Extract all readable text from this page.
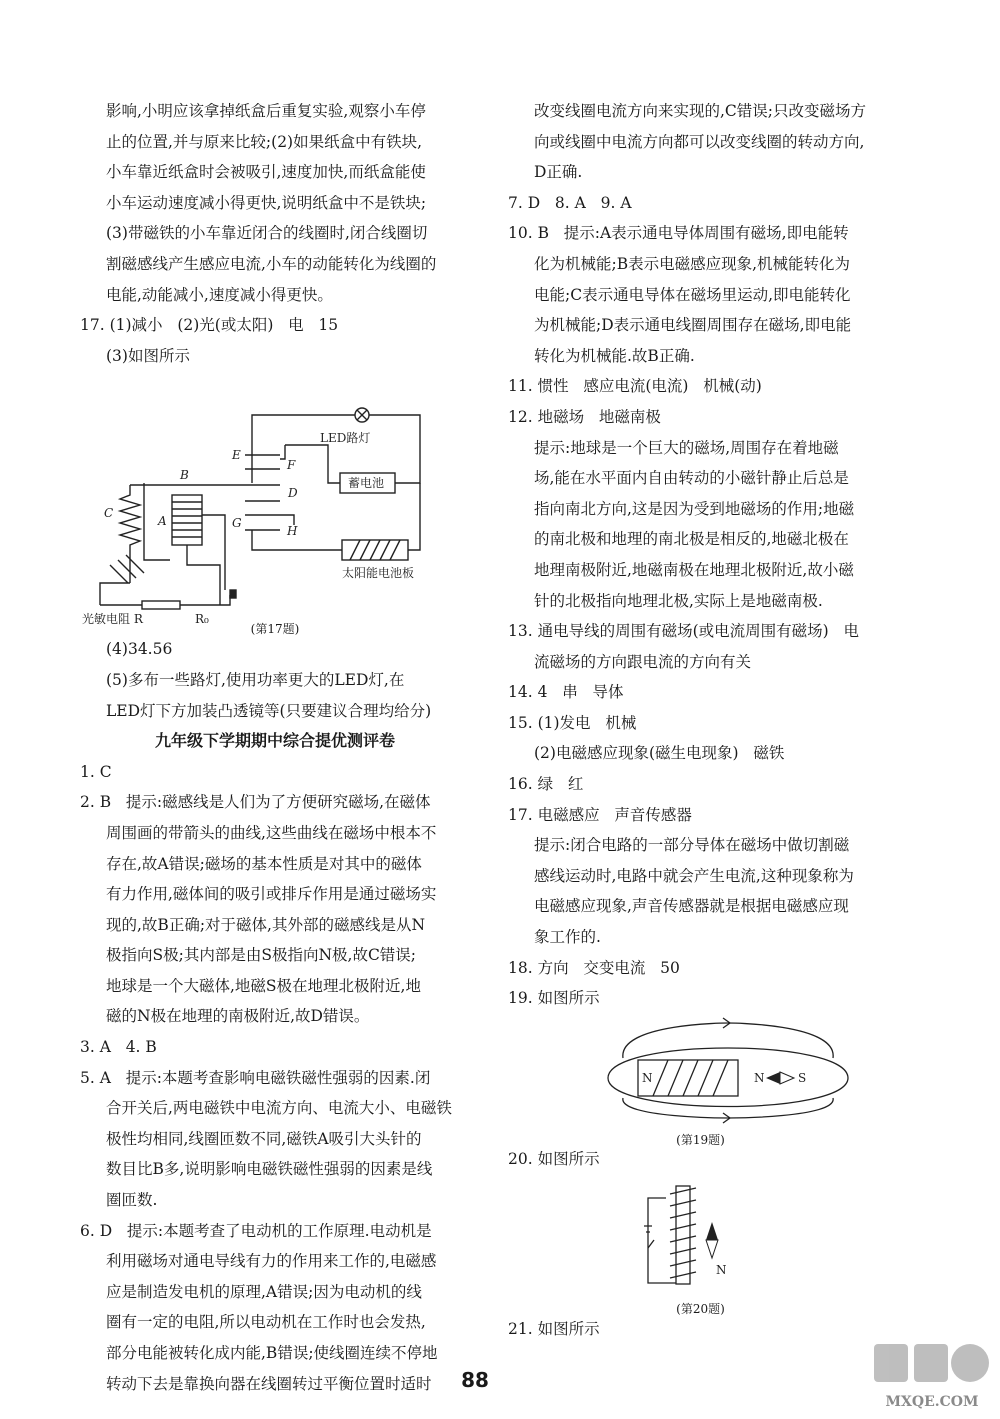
影响,小明应该拿掉纸盒后重复实验,观察小车停

止的位置,并与原来比较;(2)如果纸盒中有铁块,

小车靠近纸盒时会被吸引,速度加快,而纸盒能使

小车运动速度减小得更快,说明纸盒中不是铁块;

(3)带磁铁的小车靠近闭合的线圈时,闭合线圈切

割磁感线产生感应电流,小车的动能转化为线圈的

电能,动能减小,速度减小得更快。

17. (1)减小   (2)光(或太阳)   电   15

(3)如图所示

LED路灯
蓄电池
太阳能电池板
光敏电阻 R	R₀
B
C
A
E
F
D
G
H
(第17题)

(4)34.56

(5)多布一些路灯,使用功率更大的LED灯,在

LED灯下方加装凸透镜等(只要建议合理均给分)

九年级下学期期中综合提优测评卷

1. C

2. B   提示:磁感线是人们为了方便研究磁场,在磁体

周围画的带箭头的曲线,这些曲线在磁场中根本不

存在,故A错误;磁场的基本性质是对其中的磁体

有力作用,磁体间的吸引或排斥作用是通过磁场实

现的,故B正确;对于磁体,其外部的磁感线是从N

极指向S极;其内部是由S极指向N极,故C错误;

地球是一个大磁体,地磁S极在地理北极附近,地

磁的N极在地理的南极附近,故D错误。

3. A   4. B

5. A   提示:本题考查影响电磁铁磁性强弱的因素.闭

合开关后,两电磁铁中电流方向、电流大小、电磁铁

极性均相同,线圈匝数不同,磁铁A吸引大头针的

数目比B多,说明影响电磁铁磁性强弱的因素是线

圈匝数.

6. D   提示:本题考查了电动机的工作原理.电动机是

利用磁场对通电导线有力的作用来工作的,电磁感

应是制造发电机的原理,A错误;因为电动机的线

圈有一定的电阻,所以电动机在工作时也会发热,

部分电能被转化成内能,B错误;使线圈连续不停地

转动下去是靠换向器在线圈转过平衡位置时适时

改变线圈电流方向来实现的,C错误;只改变磁场方

向或线圈中电流方向都可以改变线圈的转动方向,

D正确.

7. D   8. A   9. A

10. B   提示:A表示通电导体周围有磁场,即电能转

化为机械能;B表示电磁感应现象,机械能转化为

电能;C表示通电导体在磁场里运动,即电能转化

为机械能;D表示通电线圈周围存在磁场,即电能

转化为机械能.故B正确.

11. 惯性   感应电流(电流)   机械(动)

12. 地磁场   地磁南极

提示:地球是一个巨大的磁场,周围存在着地磁

场,能在水平面内自由转动的小磁针静止后总是

指向南北方向,这是因为受到地磁场的作用;地磁

的南北极和地理的南北极是相反的,地磁北极在

地理南极附近,地磁南极在地理北极附近,故小磁

针的北极指向地理北极,实际上是地磁南极.

13. 通电导线的周围有磁场(或电流周围有磁场)   电

流磁场的方向跟电流的方向有关

14. 4   串   导体

15. (1)发电   机械

(2)电磁感应现象(磁生电现象)   磁铁

16. 绿   红

17. 电磁感应   声音传感器

提示:闭合电路的一部分导体在磁场中做切割磁

感线运动时,电路中就会产生电流,这种现象称为

电磁感应现象,声音传感器就是根据电磁感应现

象工作的.

18. 方向   交变电流   50

19. 如图所示

N	N	S
(第19题)

20. 如图所示

N
(第20题)

21. 如图所示

88
MXQE.COM
